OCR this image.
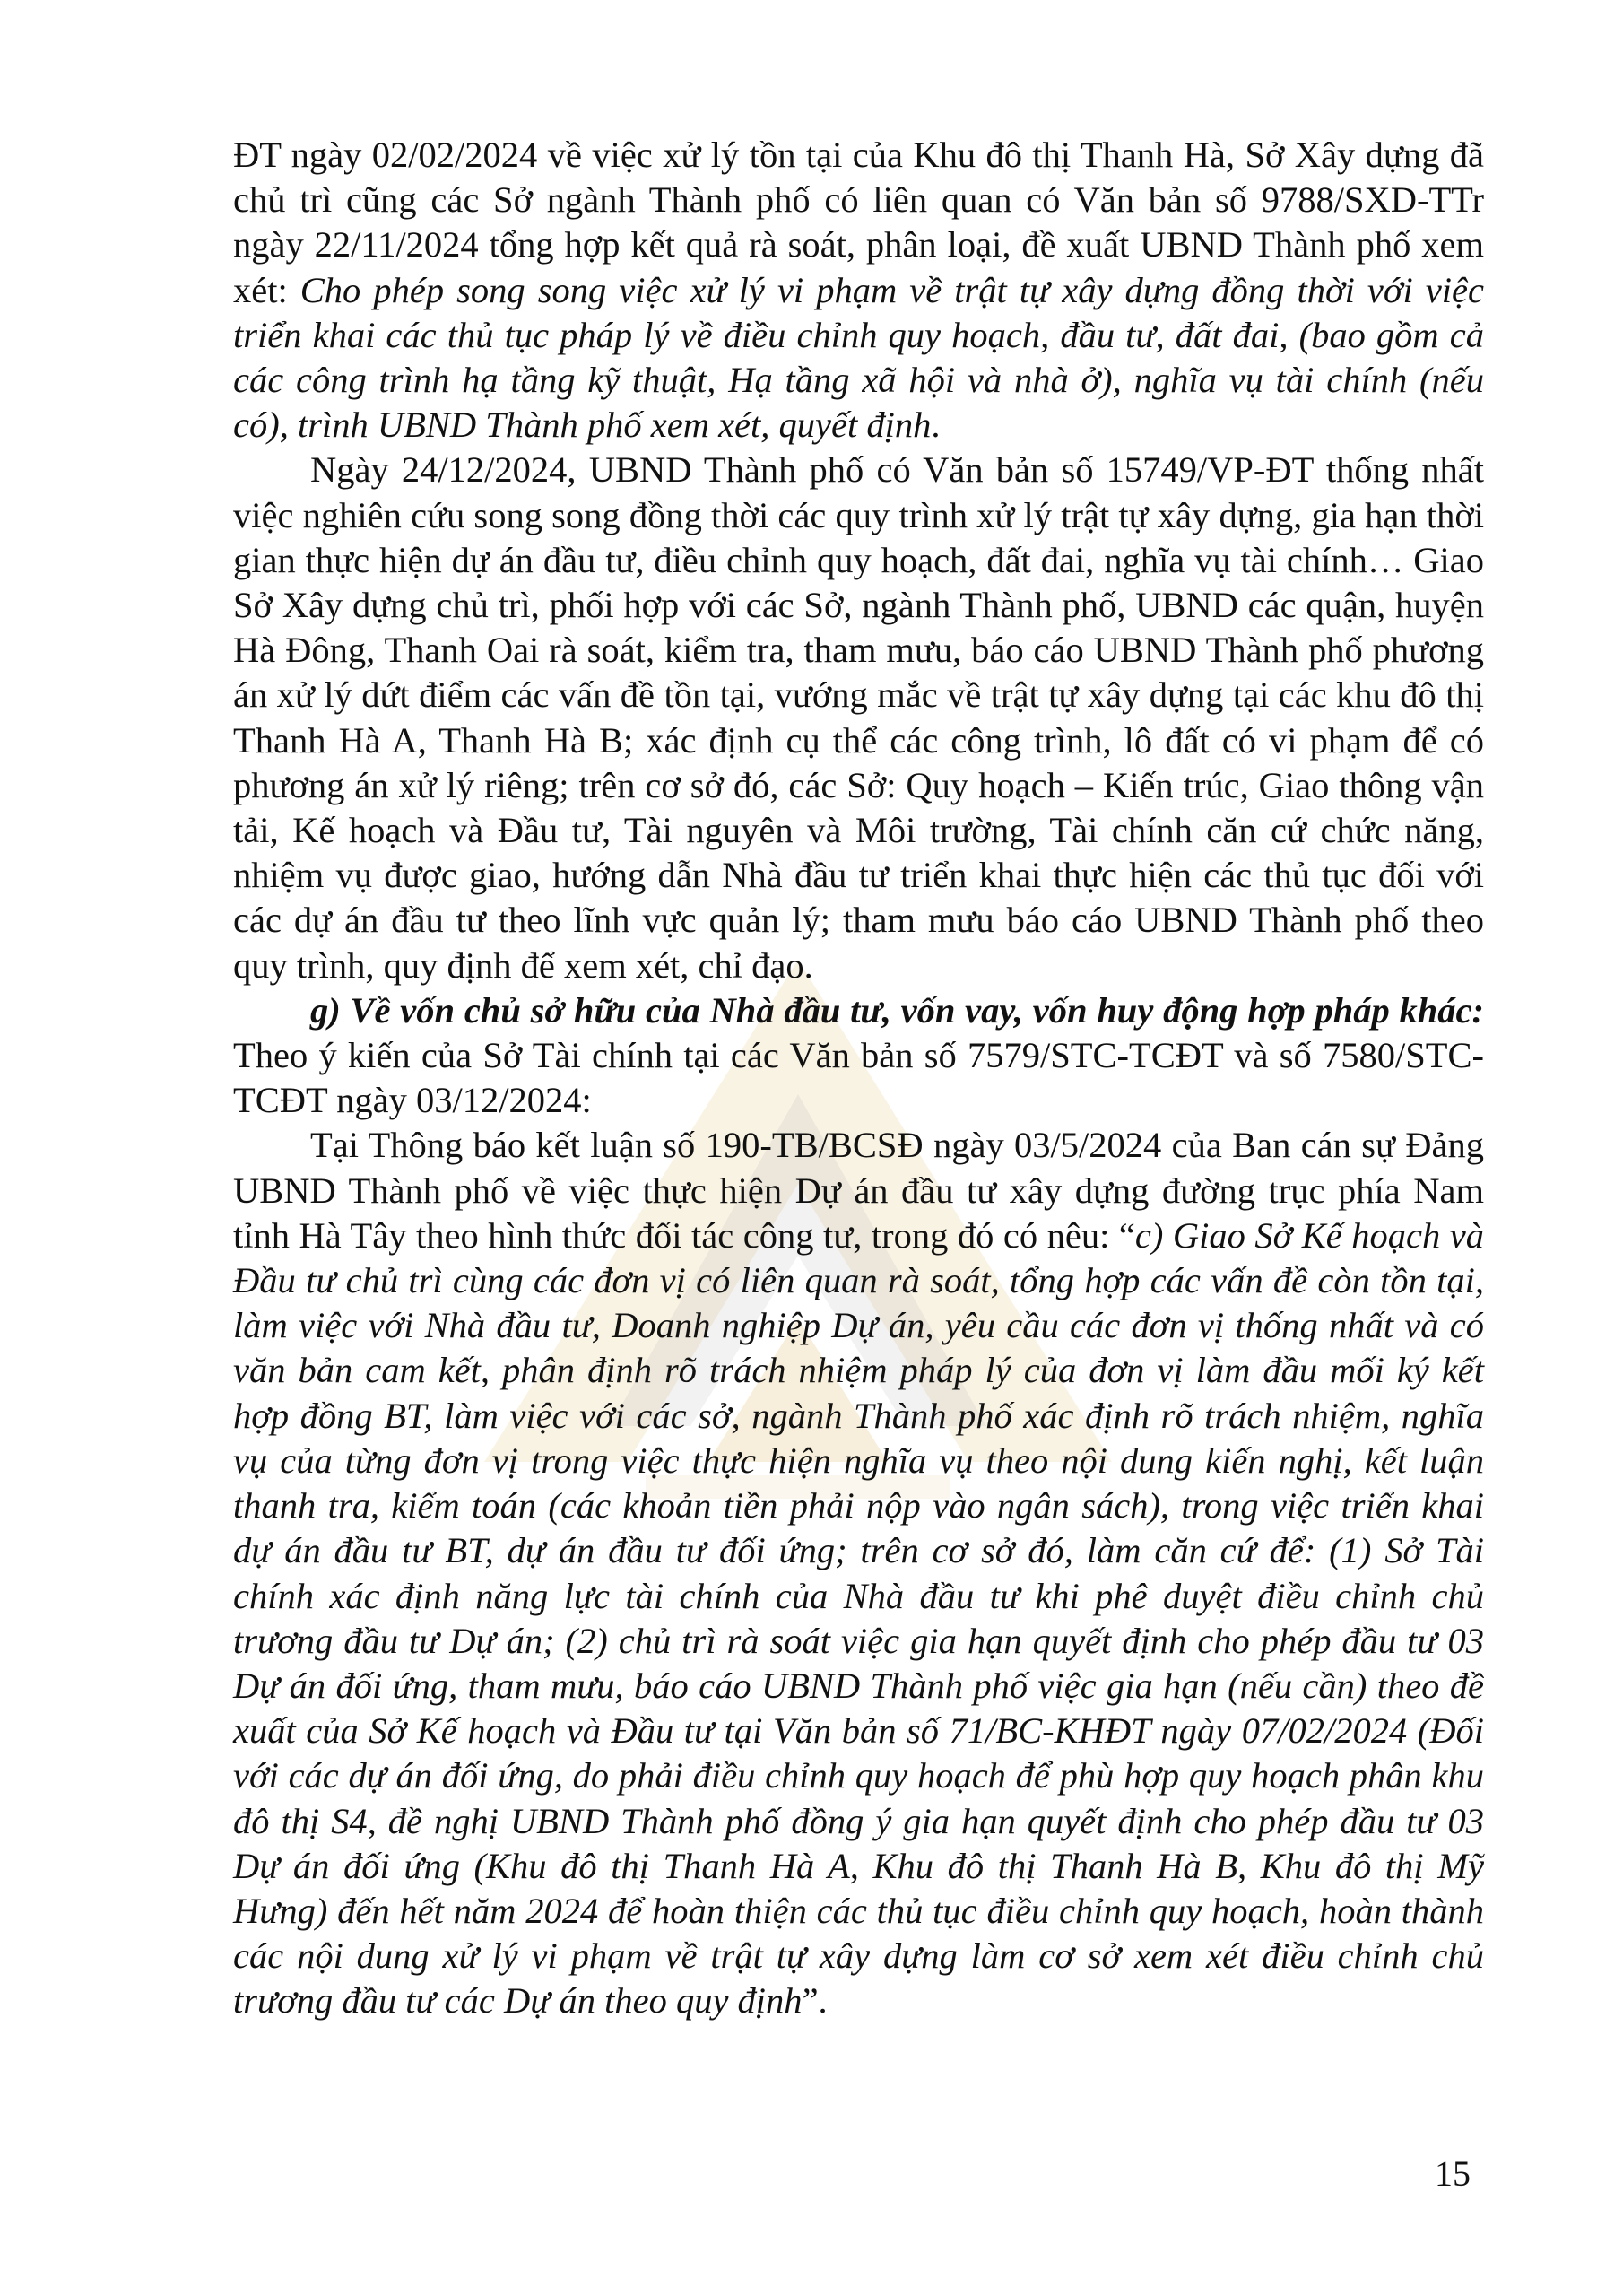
ĐT ngày 02/02/2024 về việc xử lý tồn tại của Khu đô thị Thanh Hà, Sở Xây dựng đã chủ trì cũng các Sở ngành Thành phố có liên quan có Văn bản số 9788/SXD-TTr ngày 22/11/2024 tổng hợp kết quả rà soát, phân loại, đề xuất UBND Thành phố xem xét: Cho phép song song việc xử lý vi phạm về trật tự xây dựng đồng thời với việc triển khai các thủ tục pháp lý về điều chỉnh quy hoạch, đầu tư, đất đai, (bao gồm cả các công trình hạ tầng kỹ thuật, Hạ tầng xã hội và nhà ở), nghĩa vụ tài chính (nếu có), trình UBND Thành phố xem xét, quyết định.

Ngày 24/12/2024, UBND Thành phố có Văn bản số 15749/VP-ĐT thống nhất việc nghiên cứu song song đồng thời các quy trình xử lý trật tự xây dựng, gia hạn thời gian thực hiện dự án đầu tư, điều chỉnh quy hoạch, đất đai, nghĩa vụ tài chính… Giao Sở Xây dựng chủ trì, phối hợp với các Sở, ngành Thành phố, UBND các quận, huyện Hà Đông, Thanh Oai rà soát, kiểm tra, tham mưu, báo cáo UBND Thành phố phương án xử lý dứt điểm các vấn đề tồn tại, vướng mắc về trật tự xây dựng tại các khu đô thị Thanh Hà A, Thanh Hà B; xác định cụ thể các công trình, lô đất có vi phạm để có phương án xử lý riêng; trên cơ sở đó, các Sở: Quy hoạch – Kiến trúc, Giao thông vận tải, Kế hoạch và Đầu tư, Tài nguyên và Môi trường, Tài chính căn cứ chức năng, nhiệm vụ được giao, hướng dẫn Nhà đầu tư triển khai thực hiện các thủ tục đối với các dự án đầu tư theo lĩnh vực quản lý; tham mưu báo cáo UBND Thành phố theo quy trình, quy định để xem xét, chỉ đạo.

g) Về vốn chủ sở hữu của Nhà đầu tư, vốn vay, vốn huy động hợp pháp khác: Theo ý kiến của Sở Tài chính tại các Văn bản số 7579/STC-TCĐT và số 7580/STC-TCĐT ngày 03/12/2024:

Tại Thông báo kết luận số 190-TB/BCSĐ ngày 03/5/2024 của Ban cán sự Đảng UBND Thành phố về việc thực hiện Dự án đầu tư xây dựng đường trục phía Nam tỉnh Hà Tây theo hình thức đối tác công tư, trong đó có nêu: “c) Giao Sở Kế hoạch và Đầu tư chủ trì cùng các đơn vị có liên quan rà soát, tổng hợp các vấn đề còn tồn tại, làm việc với Nhà đầu tư, Doanh nghiệp Dự án, yêu cầu các đơn vị thống nhất và có văn bản cam kết, phân định rõ trách nhiệm pháp lý của đơn vị làm đầu mối ký kết hợp đồng BT, làm việc với các sở, ngành Thành phố xác định rõ trách nhiệm, nghĩa vụ của từng đơn vị trong việc thực hiện nghĩa vụ theo nội dung kiến nghị, kết luận thanh tra, kiểm toán (các khoản tiền phải nộp vào ngân sách), trong việc triển khai dự án đầu tư BT, dự án đầu tư đối ứng; trên cơ sở đó, làm căn cứ để: (1) Sở Tài chính xác định năng lực tài chính của Nhà đầu tư khi phê duyệt điều chỉnh chủ trương đầu tư Dự án; (2) chủ trì rà soát việc gia hạn quyết định cho phép đầu tư 03 Dự án đối ứng, tham mưu, báo cáo UBND Thành phố việc gia hạn (nếu cần) theo đề xuất của Sở Kế hoạch và Đầu tư tại Văn bản số 71/BC-KHĐT ngày 07/02/2024 (Đối với các dự án đối ứng, do phải điều chỉnh quy hoạch để phù hợp quy hoạch phân khu đô thị S4, đề nghị UBND Thành phố đồng ý gia hạn quyết định cho phép đầu tư 03 Dự án đối ứng (Khu đô thị Thanh Hà A, Khu đô thị Thanh Hà B, Khu đô thị Mỹ Hưng) đến hết năm 2024 để hoàn thiện các thủ tục điều chỉnh quy hoạch, hoàn thành các nội dung xử lý vi phạm về trật tự xây dựng làm cơ sở xem xét điều chỉnh chủ trương đầu tư các Dự án theo quy định”.

15
